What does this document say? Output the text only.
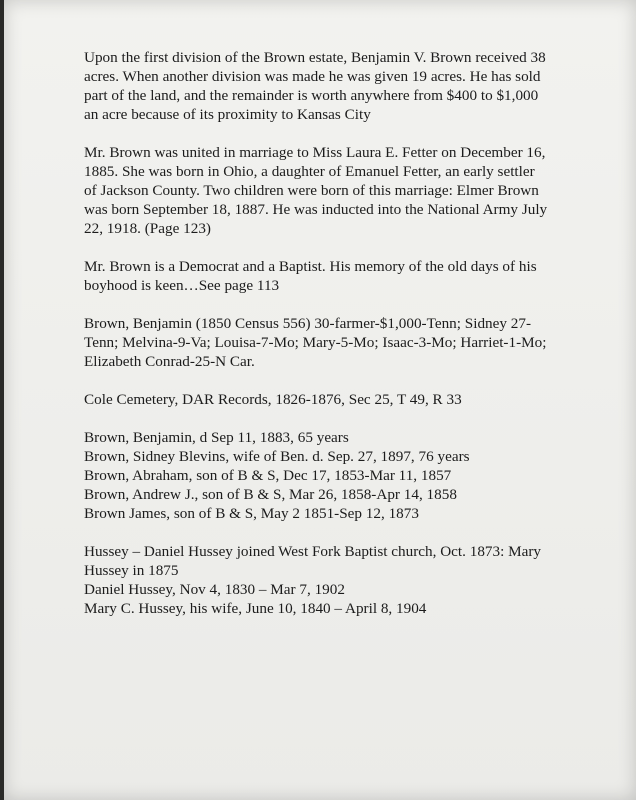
Upon the first division of the Brown estate, Benjamin V. Brown received 38
acres. When another division was made he was given 19 acres. He has sold
part of the land, and the remainder is worth anywhere from $400 to $1,000
an acre because of its proximity to Kansas City

Mr. Brown was united in marriage to Miss Laura E. Fetter on December 16,
1885. She was born in Ohio, a daughter of Emanuel Fetter, an early settler
of Jackson County. Two children were born of this marriage: Elmer Brown
was born September 18, 1887. He was inducted into the National Army July
22, 1918. (Page 123)

Mr. Brown is a Democrat and a Baptist. His memory of the old days of his
boyhood is keen…See page 113

Brown, Benjamin (1850 Census 556) 30-farmer-$1,000-Tenn; Sidney 27-
Tenn; Melvina-9-Va; Louisa-7-Mo; Mary-5-Mo; Isaac-3-Mo; Harriet-1-Mo;
Elizabeth Conrad-25-N Car.

Cole Cemetery, DAR Records, 1826-1876, Sec 25, T 49, R 33

Brown, Benjamin, d Sep 11, 1883, 65 years
Brown, Sidney Blevins, wife of Ben. d. Sep. 27, 1897, 76 years
Brown, Abraham, son of B & S, Dec 17, 1853-Mar 11, 1857
Brown, Andrew J., son of B & S, Mar 26, 1858-Apr 14, 1858
Brown James, son of B & S, May 2 1851-Sep 12, 1873

Hussey – Daniel Hussey joined West Fork Baptist church, Oct. 1873: Mary
Hussey in 1875
Daniel Hussey, Nov 4, 1830 – Mar 7, 1902
Mary C. Hussey, his wife, June 10, 1840 – April 8, 1904
